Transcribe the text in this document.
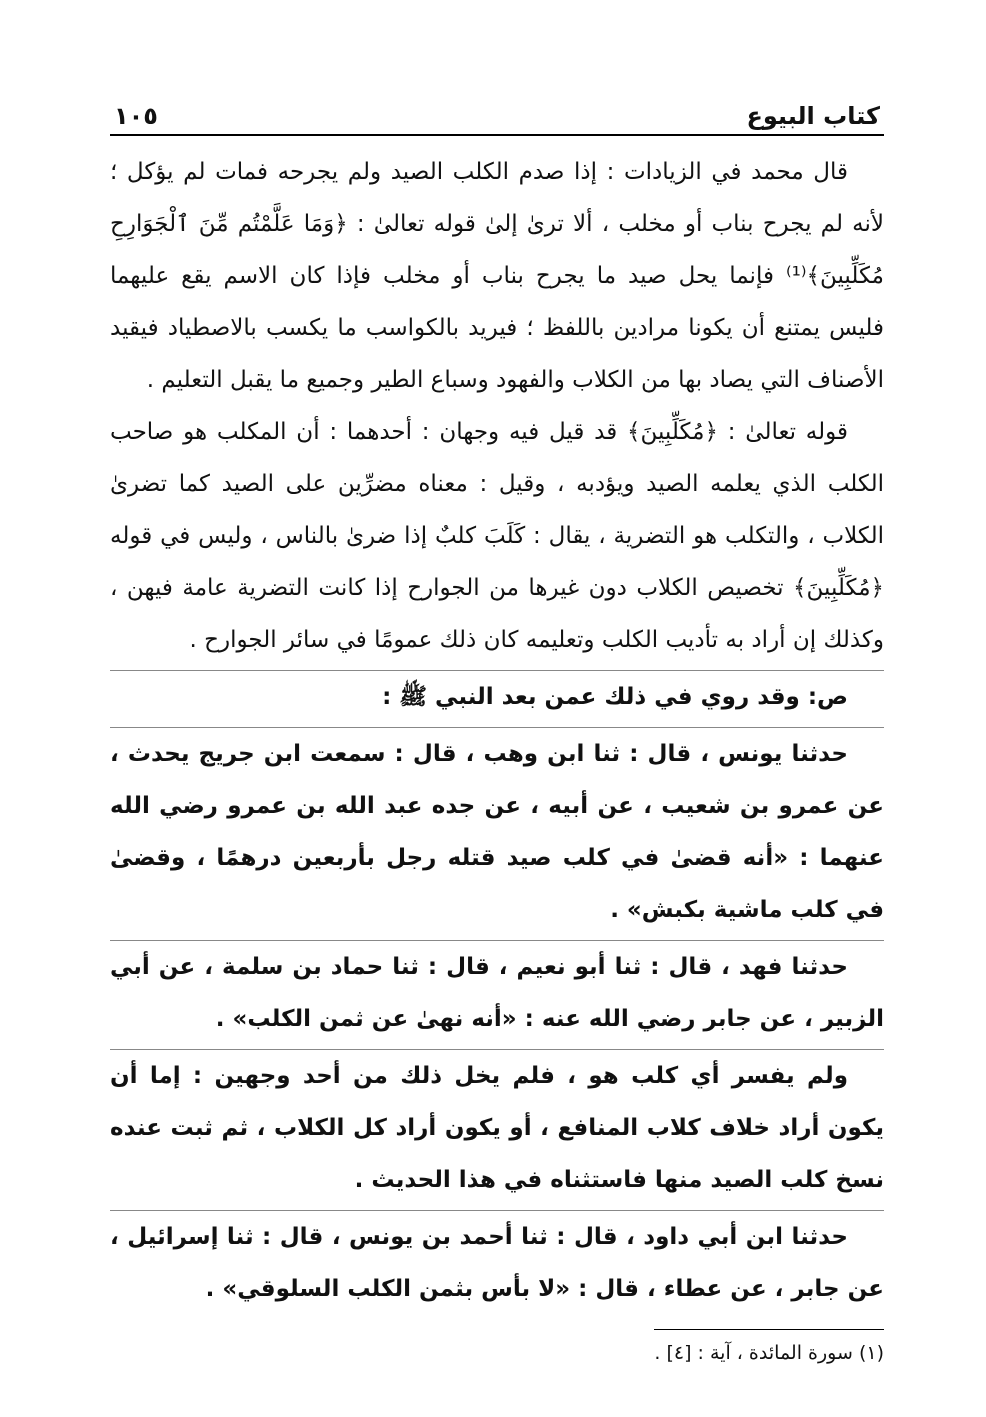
كتاب البيوع
١٠٥

قال محمد في الزيادات : إذا صدم الكلب الصيد ولم يجرحه فمات لم يؤكل ؛ لأنه لم يجرح بناب أو مخلب ، ألا ترىٰ إلىٰ قوله تعالىٰ : ﴿وَمَا عَلَّمْتُم مِّنَ ٱلْجَوَارِحِ مُكَلِّبِينَ﴾⁽¹⁾ فإنما يحل صيد ما يجرح بناب أو مخلب فإذا كان الاسم يقع عليهما فليس يمتنع أن يكونا مرادين باللفظ ؛ فيريد بالكواسب ما يكسب بالاصطياد فيقيد الأصناف التي يصاد بها من الكلاب والفهود وسباع الطير وجميع ما يقبل التعليم .

قوله تعالىٰ : ﴿مُكَلِّبِينَ﴾ قد قيل فيه وجهان : أحدهما : أن المكلب هو صاحب الكلب الذي يعلمه الصيد ويؤدبه ، وقيل : معناه مضرِّين على الصيد كما تضرىٰ الكلاب ، والتكلب هو التضرية ، يقال : كَلَبَ كلبٌ إذا ضرىٰ بالناس ، وليس في قوله ﴿مُكَلِّبِينَ﴾ تخصيص الكلاب دون غيرها من الجوارح إذا كانت التضرية عامة فيهن ، وكذلك إن أراد به تأديب الكلب وتعليمه كان ذلك عمومًا في سائر الجوارح .

ص: وقد روي في ذلك عمن بعد النبي ﷺ :

حدثنا يونس ، قال : ثنا ابن وهب ، قال : سمعت ابن جريج يحدث ، عن عمرو بن شعيب ، عن أبيه ، عن جده عبد الله بن عمرو رضي الله عنهما : «أنه قضىٰ في كلب صيد قتله رجل بأربعين درهمًا ، وقضىٰ في كلب ماشية بكبش» .

حدثنا فهد ، قال : ثنا أبو نعيم ، قال : ثنا حماد بن سلمة ، عن أبي الزبير ، عن جابر رضي الله عنه : «أنه نهىٰ عن ثمن الكلب» .

ولم يفسر أي كلب هو ، فلم يخل ذلك من أحد وجهين : إما أن يكون أراد خلاف كلاب المنافع ، أو يكون أراد كل الكلاب ، ثم ثبت عنده نسخ كلب الصيد منها فاستثناه في هذا الحديث .

حدثنا ابن أبي داود ، قال : ثنا أحمد بن يونس ، قال : ثنا إسرائيل ، عن جابر ، عن عطاء ، قال : «لا بأس بثمن الكلب السلوقي» .

(١) سورة المائدة ، آية : [٤] .
